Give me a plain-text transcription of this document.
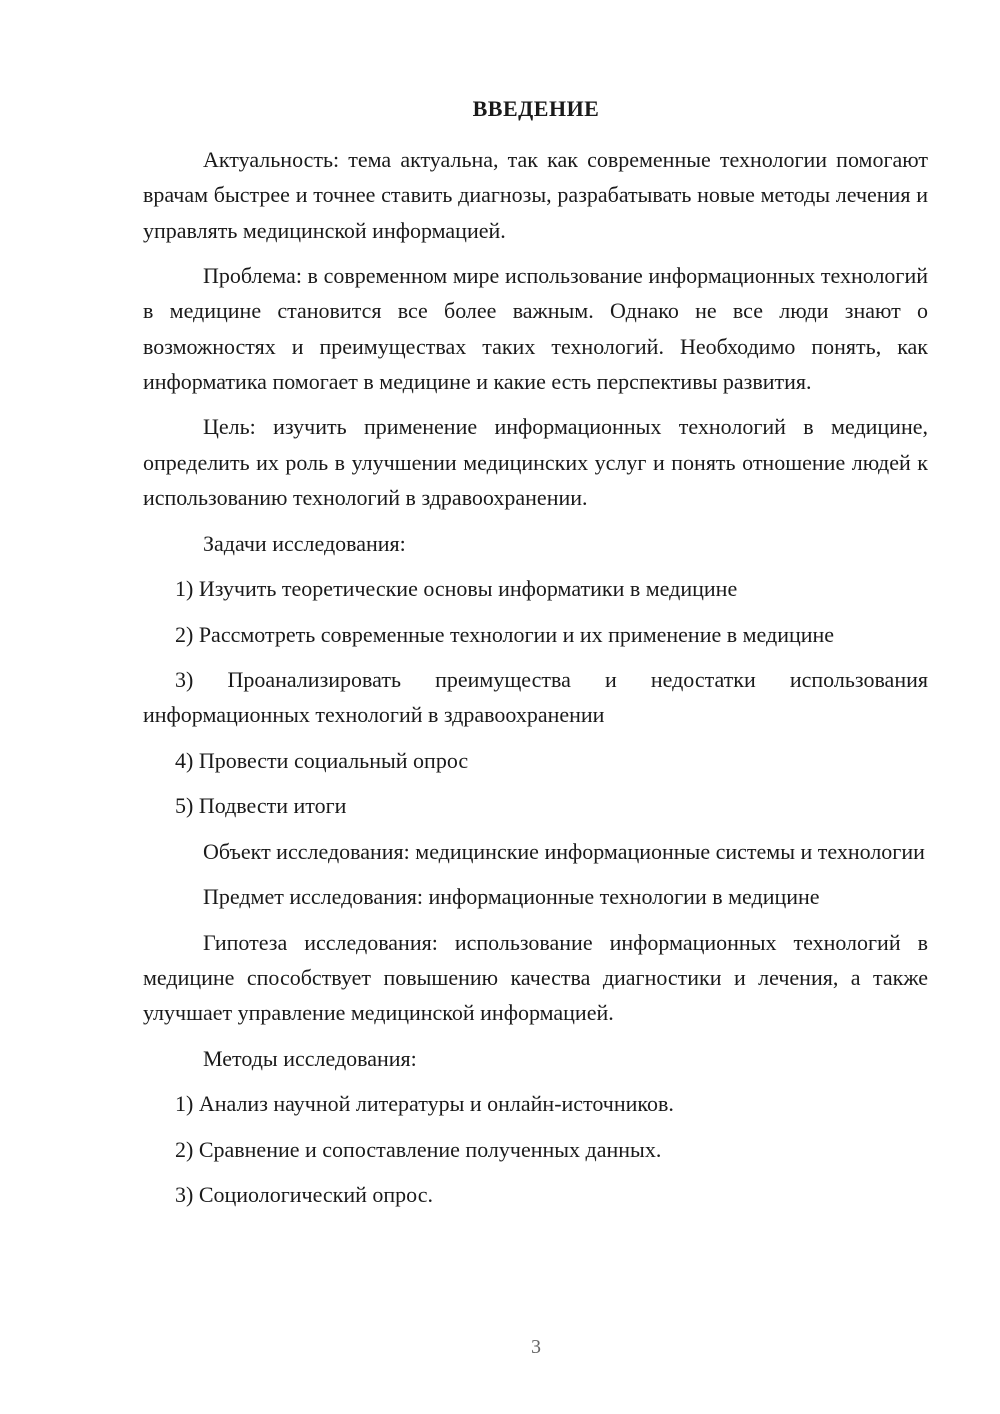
ВВЕДЕНИЕ

Актуальность: тема актуальна, так как современные технологии помогают врачам быстрее и точнее ставить диагнозы, разрабатывать новые методы лечения и управлять медицинской информацией.

Проблема: в современном мире использование информационных технологий в медицине становится все более важным. Однако не все люди знают о возможностях и преимуществах таких технологий. Необходимо понять, как информатика помогает в медицине и какие есть перспективы развития.

Цель: изучить применение информационных технологий в медицине, определить их роль в улучшении медицинских услуг и понять отношение людей к использованию технологий в здравоохранении.

Задачи исследования:

1) Изучить теоретические основы информатики в медицине

2) Рассмотреть современные технологии и их применение в медицине

3) Проанализировать преимущества и недостатки использования информационных технологий в здравоохранении

4) Провести социальный опрос

5) Подвести итоги

Объект исследования: медицинские информационные системы и технологии

Предмет исследования: информационные технологии в медицине

Гипотеза исследования: использование информационных технологий в медицине способствует повышению качества диагностики и лечения, а также улучшает управление медицинской информацией.

Методы исследования:

1) Анализ научной литературы и онлайн-источников.

2) Сравнение и сопоставление полученных данных.

3) Социологический опрос.

3
